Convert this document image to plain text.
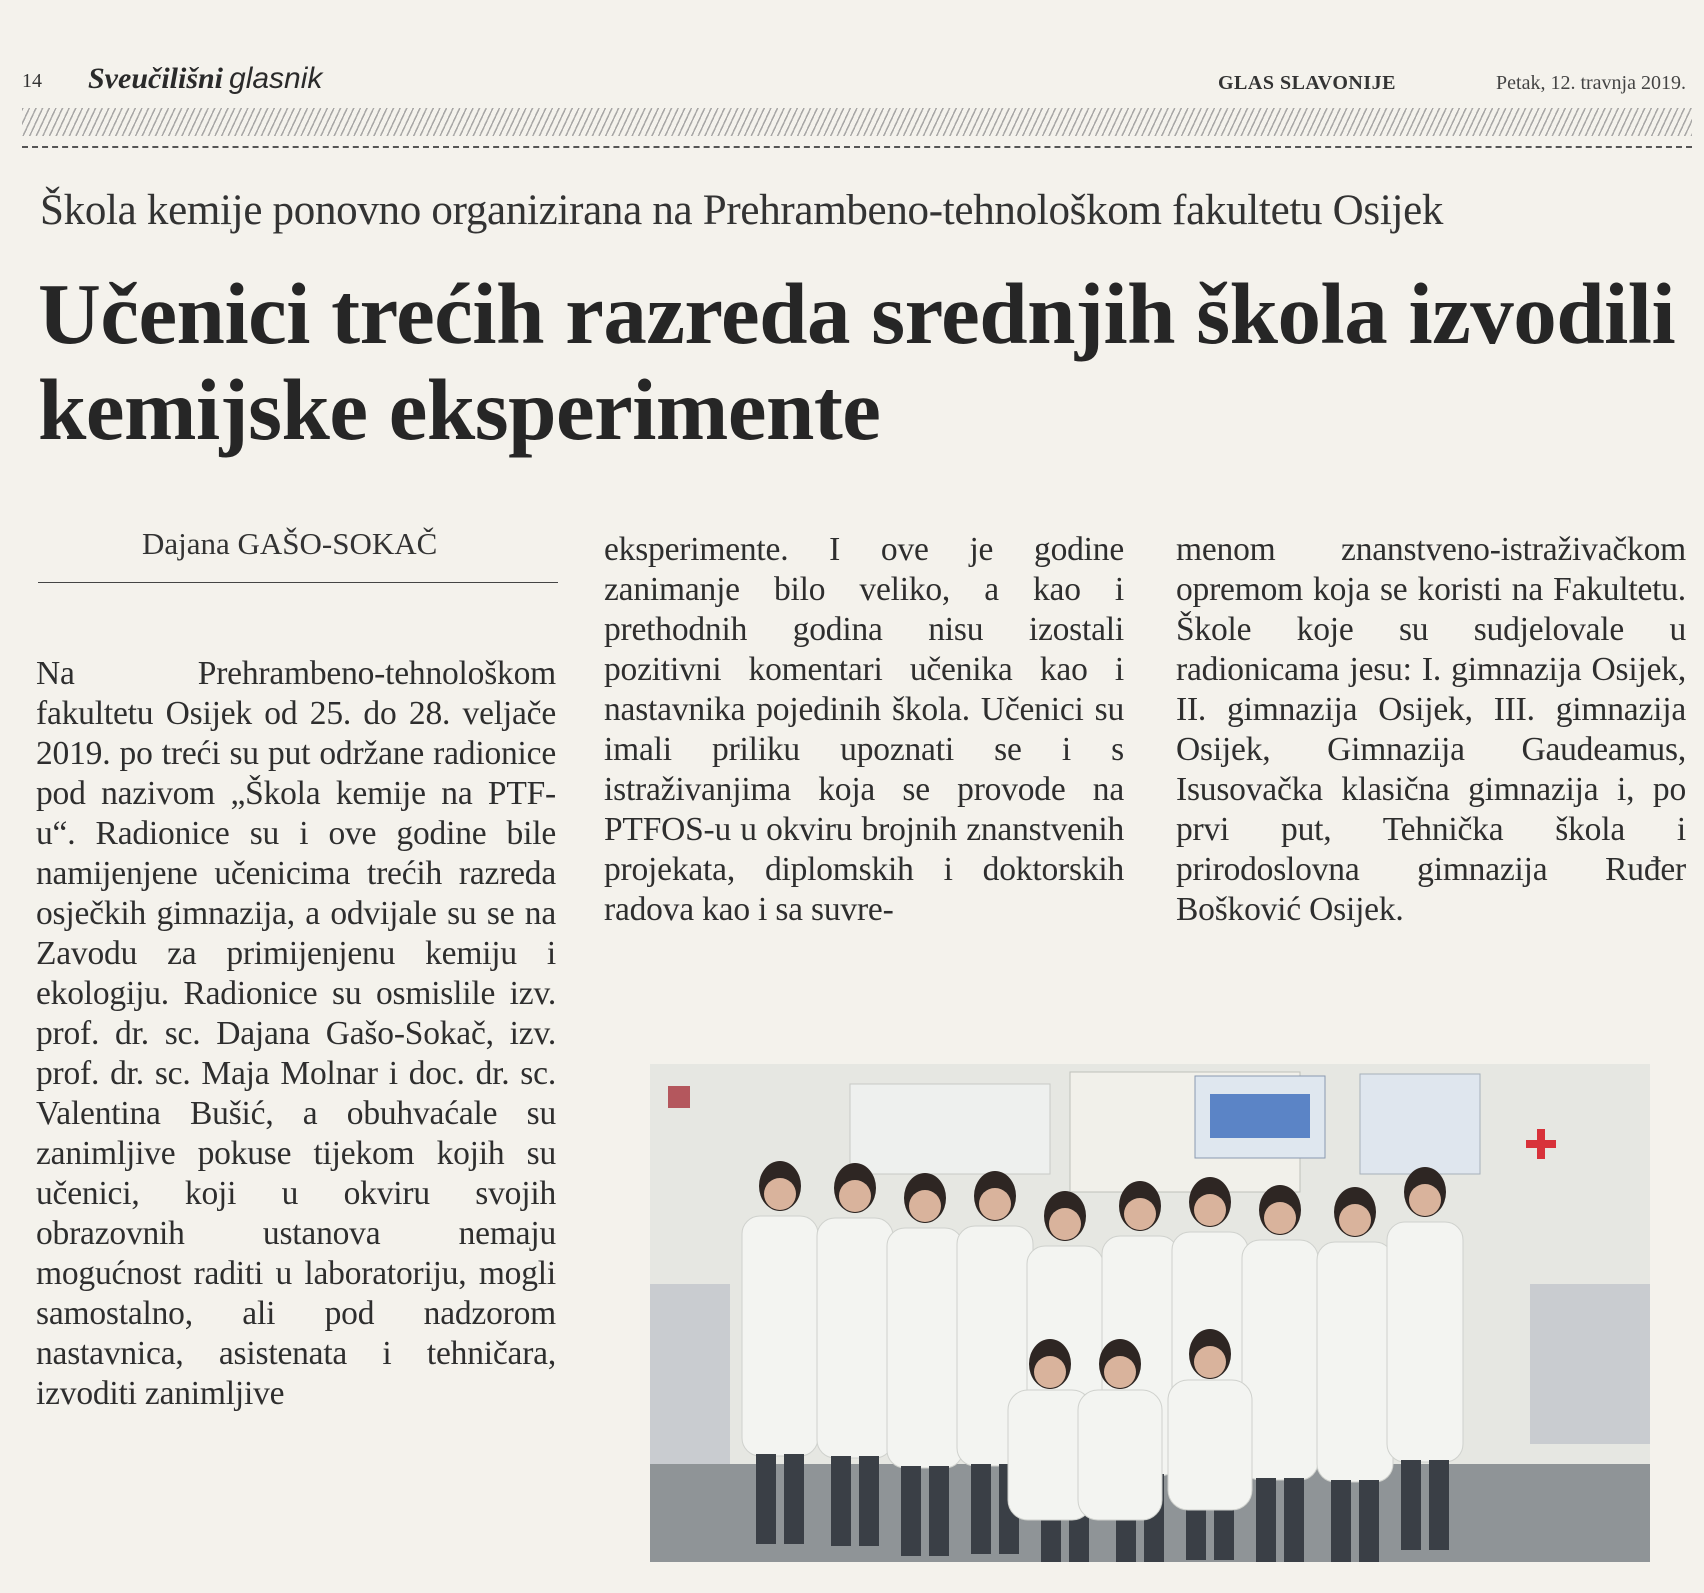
14 Sveučilišni glasnik	GLAS SLAVONIJE	Petak, 12. travnja 2019.
Škola kemije ponovno organizirana na Prehrambeno-tehnološkom fakultetu Osijek
Učenici trećih razreda srednjih škola izvodili kemijske eksperimente
Dajana GAŠO-SOKAČ

Na Prehrambeno-tehnološkom fakultetu Osijek od 25. do 28. veljače 2019. po treći su put održane radionice pod nazivom „Škola kemije na PTF-u“. Radionice su i ove godine bile namijenjene učenicima trećih razreda osječkih gimnazija, a odvijale su se na Zavodu za primijenjenu kemiju i ekologiju. Radionice su osmislile izv. prof. dr. sc. Dajana Gašo-Sokač, izv. prof. dr. sc. Maja Molnar i doc. dr. sc. Valentina Bušić, a obuhvaćale su zanimljive pokuse tijekom kojih su učenici, koji u okviru svojih obrazovnih ustanova nemaju mogućnost raditi u laboratoriju, mogli samostalno, ali pod nadzorom nastavnica, asistenata i tehničara, izvoditi zanimljive

eksperimente. I ove je godine zanimanje bilo veliko, a kao i prethodnih godina nisu izostali pozitivni komentari učenika kao i nastavnika pojedinih škola. Učenici su imali priliku upoznati se i s istraživanjima koja se provode na PTFOS-u u okviru brojnih znanstvenih projekata, diplomskih i doktorskih radova kao i sa suvre-

menom znanstveno-istraživačkom opremom koja se koristi na Fakultetu. Škole koje su sudjelovale u radionicama jesu: I. gimnazija Osijek, II. gimnazija Osijek, III. gimnazija Osijek, Gimnazija Gaudeamus, Isusovačka klasična gimnazija i, po prvi put, Tehnička škola i prirodoslovna gimnazija Ruđer Bošković Osijek.
